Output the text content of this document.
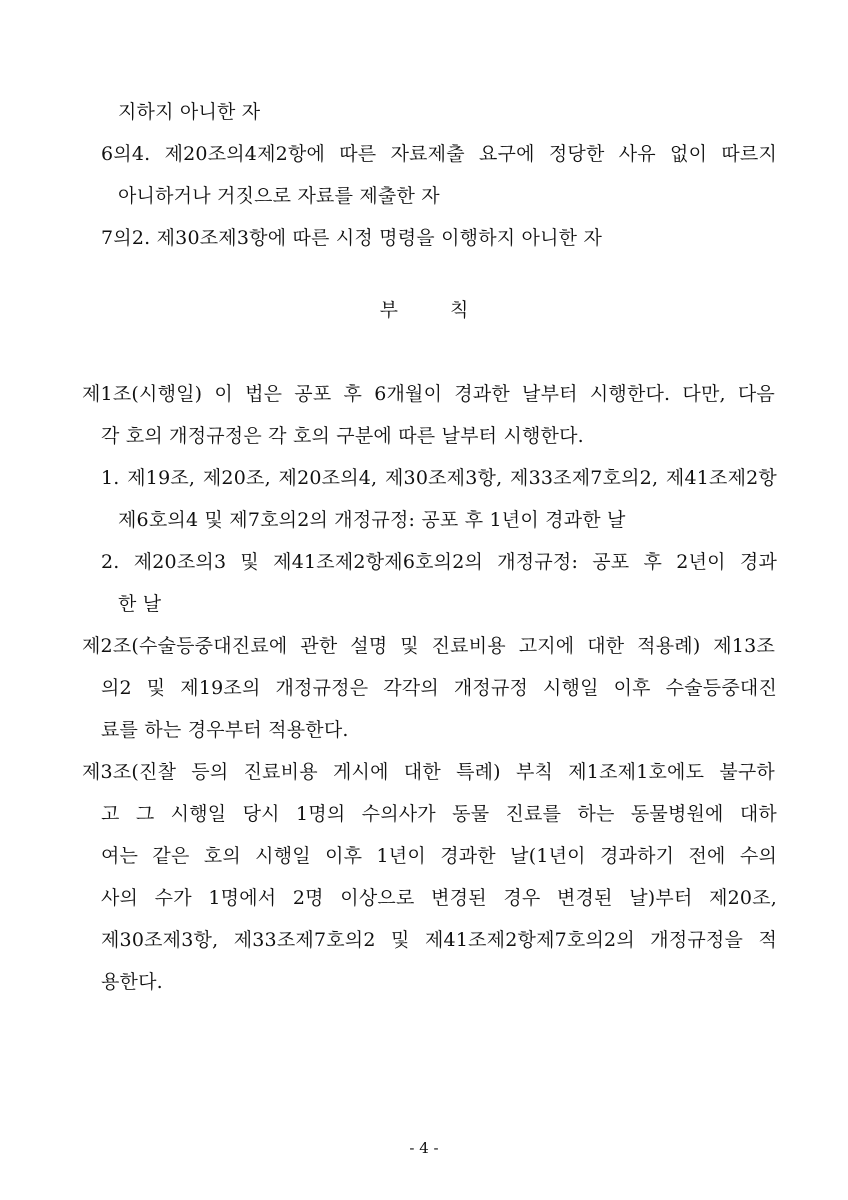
지하지 아니한 자
6의4. 제20조의4제2항에 따른 자료제출 요구에 정당한 사유 없이 따르지
아니하거나 거짓으로 자료를 제출한 자
7의2. 제30조제3항에 따른 시정 명령을 이행하지 아니한 자
부	칙
제1조(시행일) 이 법은 공포 후 6개월이 경과한 날부터 시행한다. 다만, 다음
각 호의 개정규정은 각 호의 구분에 따른 날부터 시행한다.
1. 제19조, 제20조, 제20조의4, 제30조제3항, 제33조제7호의2, 제41조제2항
제6호의4 및 제7호의2의 개정규정: 공포 후 1년이 경과한 날
2. 제20조의3 및 제41조제2항제6호의2의 개정규정: 공포 후 2년이 경과
한 날
제2조(수술등중대진료에 관한 설명 및 진료비용 고지에 대한 적용례) 제13조
의2 및 제19조의 개정규정은 각각의 개정규정 시행일 이후 수술등중대진
료를 하는 경우부터 적용한다.
제3조(진찰 등의 진료비용 게시에 대한 특례) 부칙 제1조제1호에도 불구하
고 그 시행일 당시 1명의 수의사가 동물 진료를 하는 동물병원에 대하
여는 같은 호의 시행일 이후 1년이 경과한 날(1년이 경과하기 전에 수의
사의 수가 1명에서 2명 이상으로 변경된 경우 변경된 날)부터 제20조,
제30조제3항, 제33조제7호의2 및 제41조제2항제7호의2의 개정규정을 적
용한다.
- 4 -
